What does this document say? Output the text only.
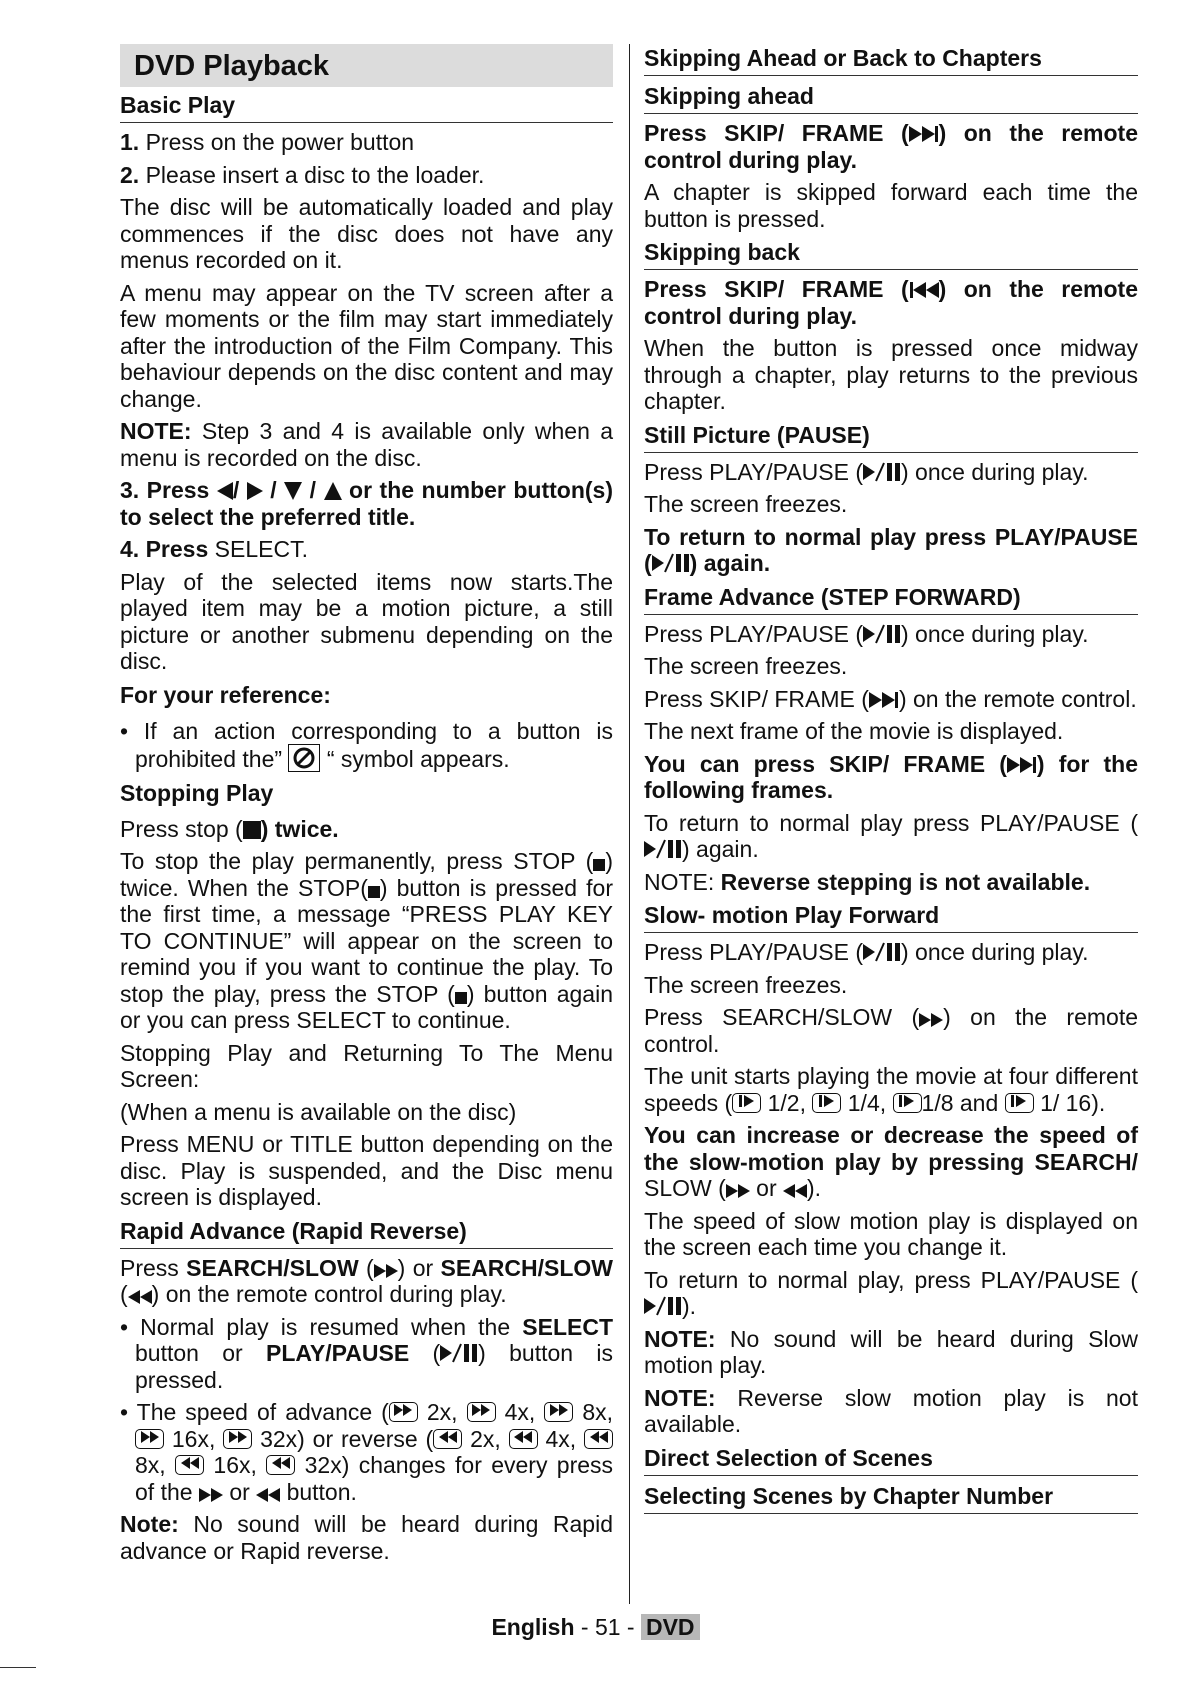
DVD Playback
Basic Play

1. Press on the power button

2. Please insert a disc to the loader.

The disc will be automatically loaded and play commences if the disc does not have any menus recorded on it.

A menu may appear on the TV screen after a few moments or the film may start immediately after the introduction of the Film Company. This behaviour depends on the disc content and may change.

NOTE: Step 3 and 4 is available only when a menu is recorded on the disc.

3. Press / / / or the number button(s) to select the preferred title.

4. Press SELECT.

Play of the selected items now starts.The played item may be a motion picture, a still picture or another submenu depending on the disc.

For your reference:

• If an action corresponding to a button is prohibited the” “ symbol appears.

Stopping Play

Press stop ( ) twice.

To stop the play permanently, press STOP ( ) twice. When the STOP( ) button is pressed for the first time, a message “PRESS PLAY KEY TO CONTINUE” will appear on the screen to remind you if you want to continue the play. To stop the play, press the STOP ( ) button again or you can press SELECT to continue.

Stopping Play and Returning To The Menu Screen:

(When a menu is available on the disc)

Press MENU or TITLE button depending on the disc. Play is suspended, and the Disc menu screen is displayed.

Rapid Advance (Rapid Reverse)

Press SEARCH/SLOW ( ) or SEARCH/SLOW ( ) on the remote control during play.

• Normal play is resumed when the SELECT button or PLAY/PAUSE ( ) button is pressed.

• The speed of advance ( 2x, 4x, 8x,
16x, 32x) or reverse ( 2x, 4x,
8x, 16x, 32x) changes for every press of the or button.

Note: No sound will be heard during Rapid advance or Rapid reverse.

Skipping Ahead or Back to Chapters
Skipping ahead

Press SKIP/ FRAME ( ) on the remote control during play.

A chapter is skipped forward each time the button is pressed.

Skipping back

Press SKIP/ FRAME ( ) on the remote control during play.

When the button is pressed once midway through a chapter, play returns to the previous chapter.

Still Picture (PAUSE)

Press PLAY/PAUSE ( ) once during play.

The screen freezes.

To return to normal play press PLAY/PAUSE ( ) again.

Frame Advance (STEP FORWARD)

Press PLAY/PAUSE ( ) once during play.

The screen freezes.

Press SKIP/ FRAME ( ) on the remote control.

The next frame of the movie is displayed.

You can press SKIP/ FRAME ( ) for the following frames.

To return to normal play press PLAY/PAUSE (
) again.

NOTE: Reverse stepping is not available.

Slow- motion Play Forward

Press PLAY/PAUSE ( ) once during play.

The screen freezes.

Press SEARCH/SLOW ( ) on the remote control.

The unit starts playing the movie at four different speeds ( 1/2, 1/4, 1/8 and 1/ 16).

You can increase or decrease the speed of the slow-motion play by pressing SEARCH/ SLOW ( or ).

The speed of slow motion play is displayed on the screen each time you change it.

To return to normal play, press PLAY/PAUSE (
).

NOTE: No sound will be heard during Slow motion play.

NOTE: Reverse slow motion play is not available.

Direct Selection of Scenes
Selecting Scenes by Chapter Number
English - 51 - DVD
